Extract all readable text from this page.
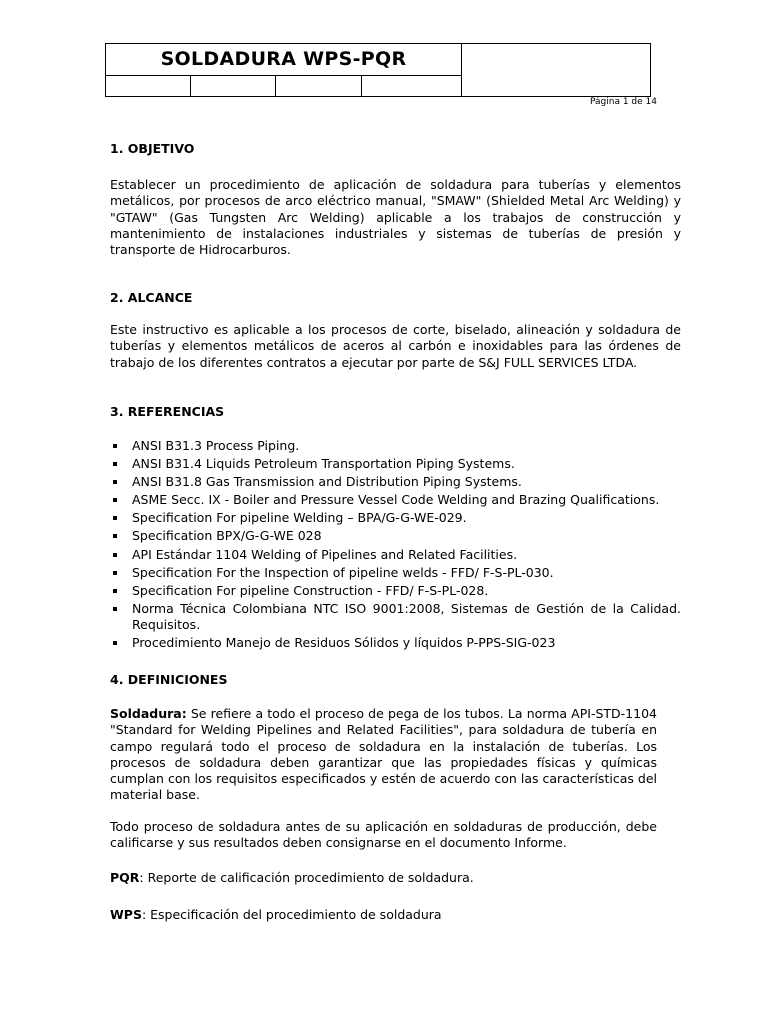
SOLDADURA WPS-PQR
Página 1 de 14
1. OBJETIVO
Establecer un procedimiento de aplicación de soldadura para tuberías y elementos metálicos, por procesos de arco eléctrico manual, "SMAW" (Shielded Metal Arc Welding) y "GTAW" (Gas Tungsten Arc Welding) aplicable a los trabajos de construcción y mantenimiento de instalaciones industriales y sistemas de tuberías de presión y transporte de Hidrocarburos.
2. ALCANCE
Este instructivo es aplicable a los procesos de corte, biselado, alineación y soldadura de tuberías y elementos metálicos de aceros al carbón e inoxidables para las órdenes de trabajo de los diferentes contratos a ejecutar por parte de S&J FULL SERVICES LTDA.
3. REFERENCIAS
ANSI B31.3 Process Piping.
ANSI B31.4 Liquids Petroleum Transportation Piping Systems.
ANSI B31.8 Gas Transmission and Distribution Piping Systems.
ASME Secc. IX - Boiler and Pressure Vessel Code Welding and Brazing Qualifications.
Specification For pipeline Welding – BPA/G-G-WE-029.
Specification BPX/G-G-WE 028
API Estándar 1104 Welding of Pipelines and Related Facilities.
Specification For the Inspection of pipeline welds - FFD/ F-S-PL-030.
Specification For pipeline Construction - FFD/ F-S-PL-028.
Norma Técnica Colombiana NTC ISO 9001:2008, Sistemas de Gestión de la Calidad. Requisitos.
Procedimiento Manejo de Residuos Sólidos y líquidos P-PPS-SIG-023
4. DEFINICIONES
Soldadura: Se refiere a todo el proceso de pega de los tubos. La norma API-STD-1104 "Standard for Welding Pipelines and Related Facilities", para soldadura de tubería en campo regulará todo el proceso de soldadura en la instalación de tuberías. Los procesos de soldadura deben garantizar que las propiedades físicas y químicas cumplan con los requisitos especificados y estén de acuerdo con las características del material base.
Todo proceso de soldadura antes de su aplicación en soldaduras de producción, debe calificarse y sus resultados deben consignarse en el documento Informe.
PQR: Reporte de calificación procedimiento de soldadura.
WPS: Especificación del procedimiento de soldadura
